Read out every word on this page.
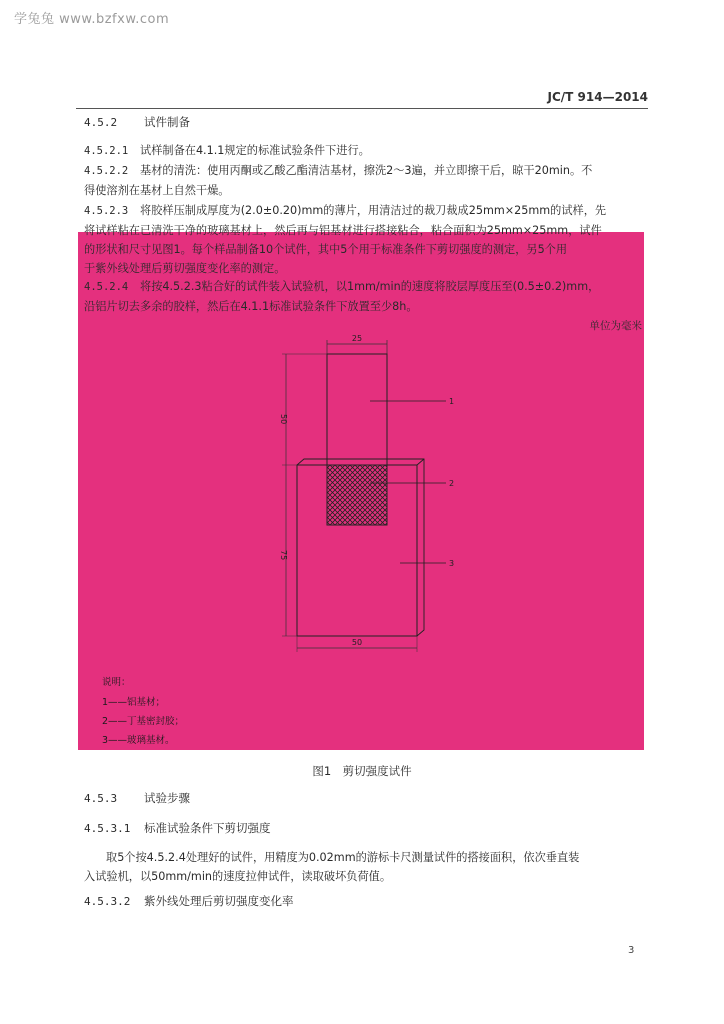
学兔兔 www.bzfxw.com
JC/T 914—2014
4.5.2 试件制备
4.5.2.1 试样制备在4.1.1规定的标准试验条件下进行。
4.5.2.2 基材的清洗：使用丙酮或乙酸乙酯清洁基材，擦洗2～3遍，并立即擦干后，晾干20min。不
得使溶剂在基材上自然干燥。
4.5.2.3 将胶样压制成厚度为(2.0±0.20)mm的薄片，用清洁过的裁刀裁成25mm×25mm的试样，先
将试样粘在已清洗干净的玻璃基材上，然后再与铝基材进行搭接粘合，粘合面积为25mm×25mm，试件
的形状和尺寸见图1。每个样品制备10个试件，其中5个用于标准条件下剪切强度的测定，另5个用
于紫外线处理后剪切强度变化率的测定。
4.5.2.4 将按4.5.2.3粘合好的试件装入试验机，以1mm/min的速度将胶层厚度压至(0.5±0.2)mm，
沿铝片切去多余的胶样，然后在4.1.1标准试验条件下放置至少8h。
单位为毫米
25
50
75
50
1
2
3
说明：
1——铝基材；
2——丁基密封胶；
3——玻璃基材。
图1　剪切强度试件
4.5.3 试验步骤
4.5.3.1 标准试验条件下剪切强度
取5个按4.5.2.4处理好的试件，用精度为0.02mm的游标卡尺测量试件的搭接面积，依次垂直装
入试验机，以50mm/min的速度拉伸试件，读取破坏负荷值。
4.5.3.2 紫外线处理后剪切强度变化率
3
